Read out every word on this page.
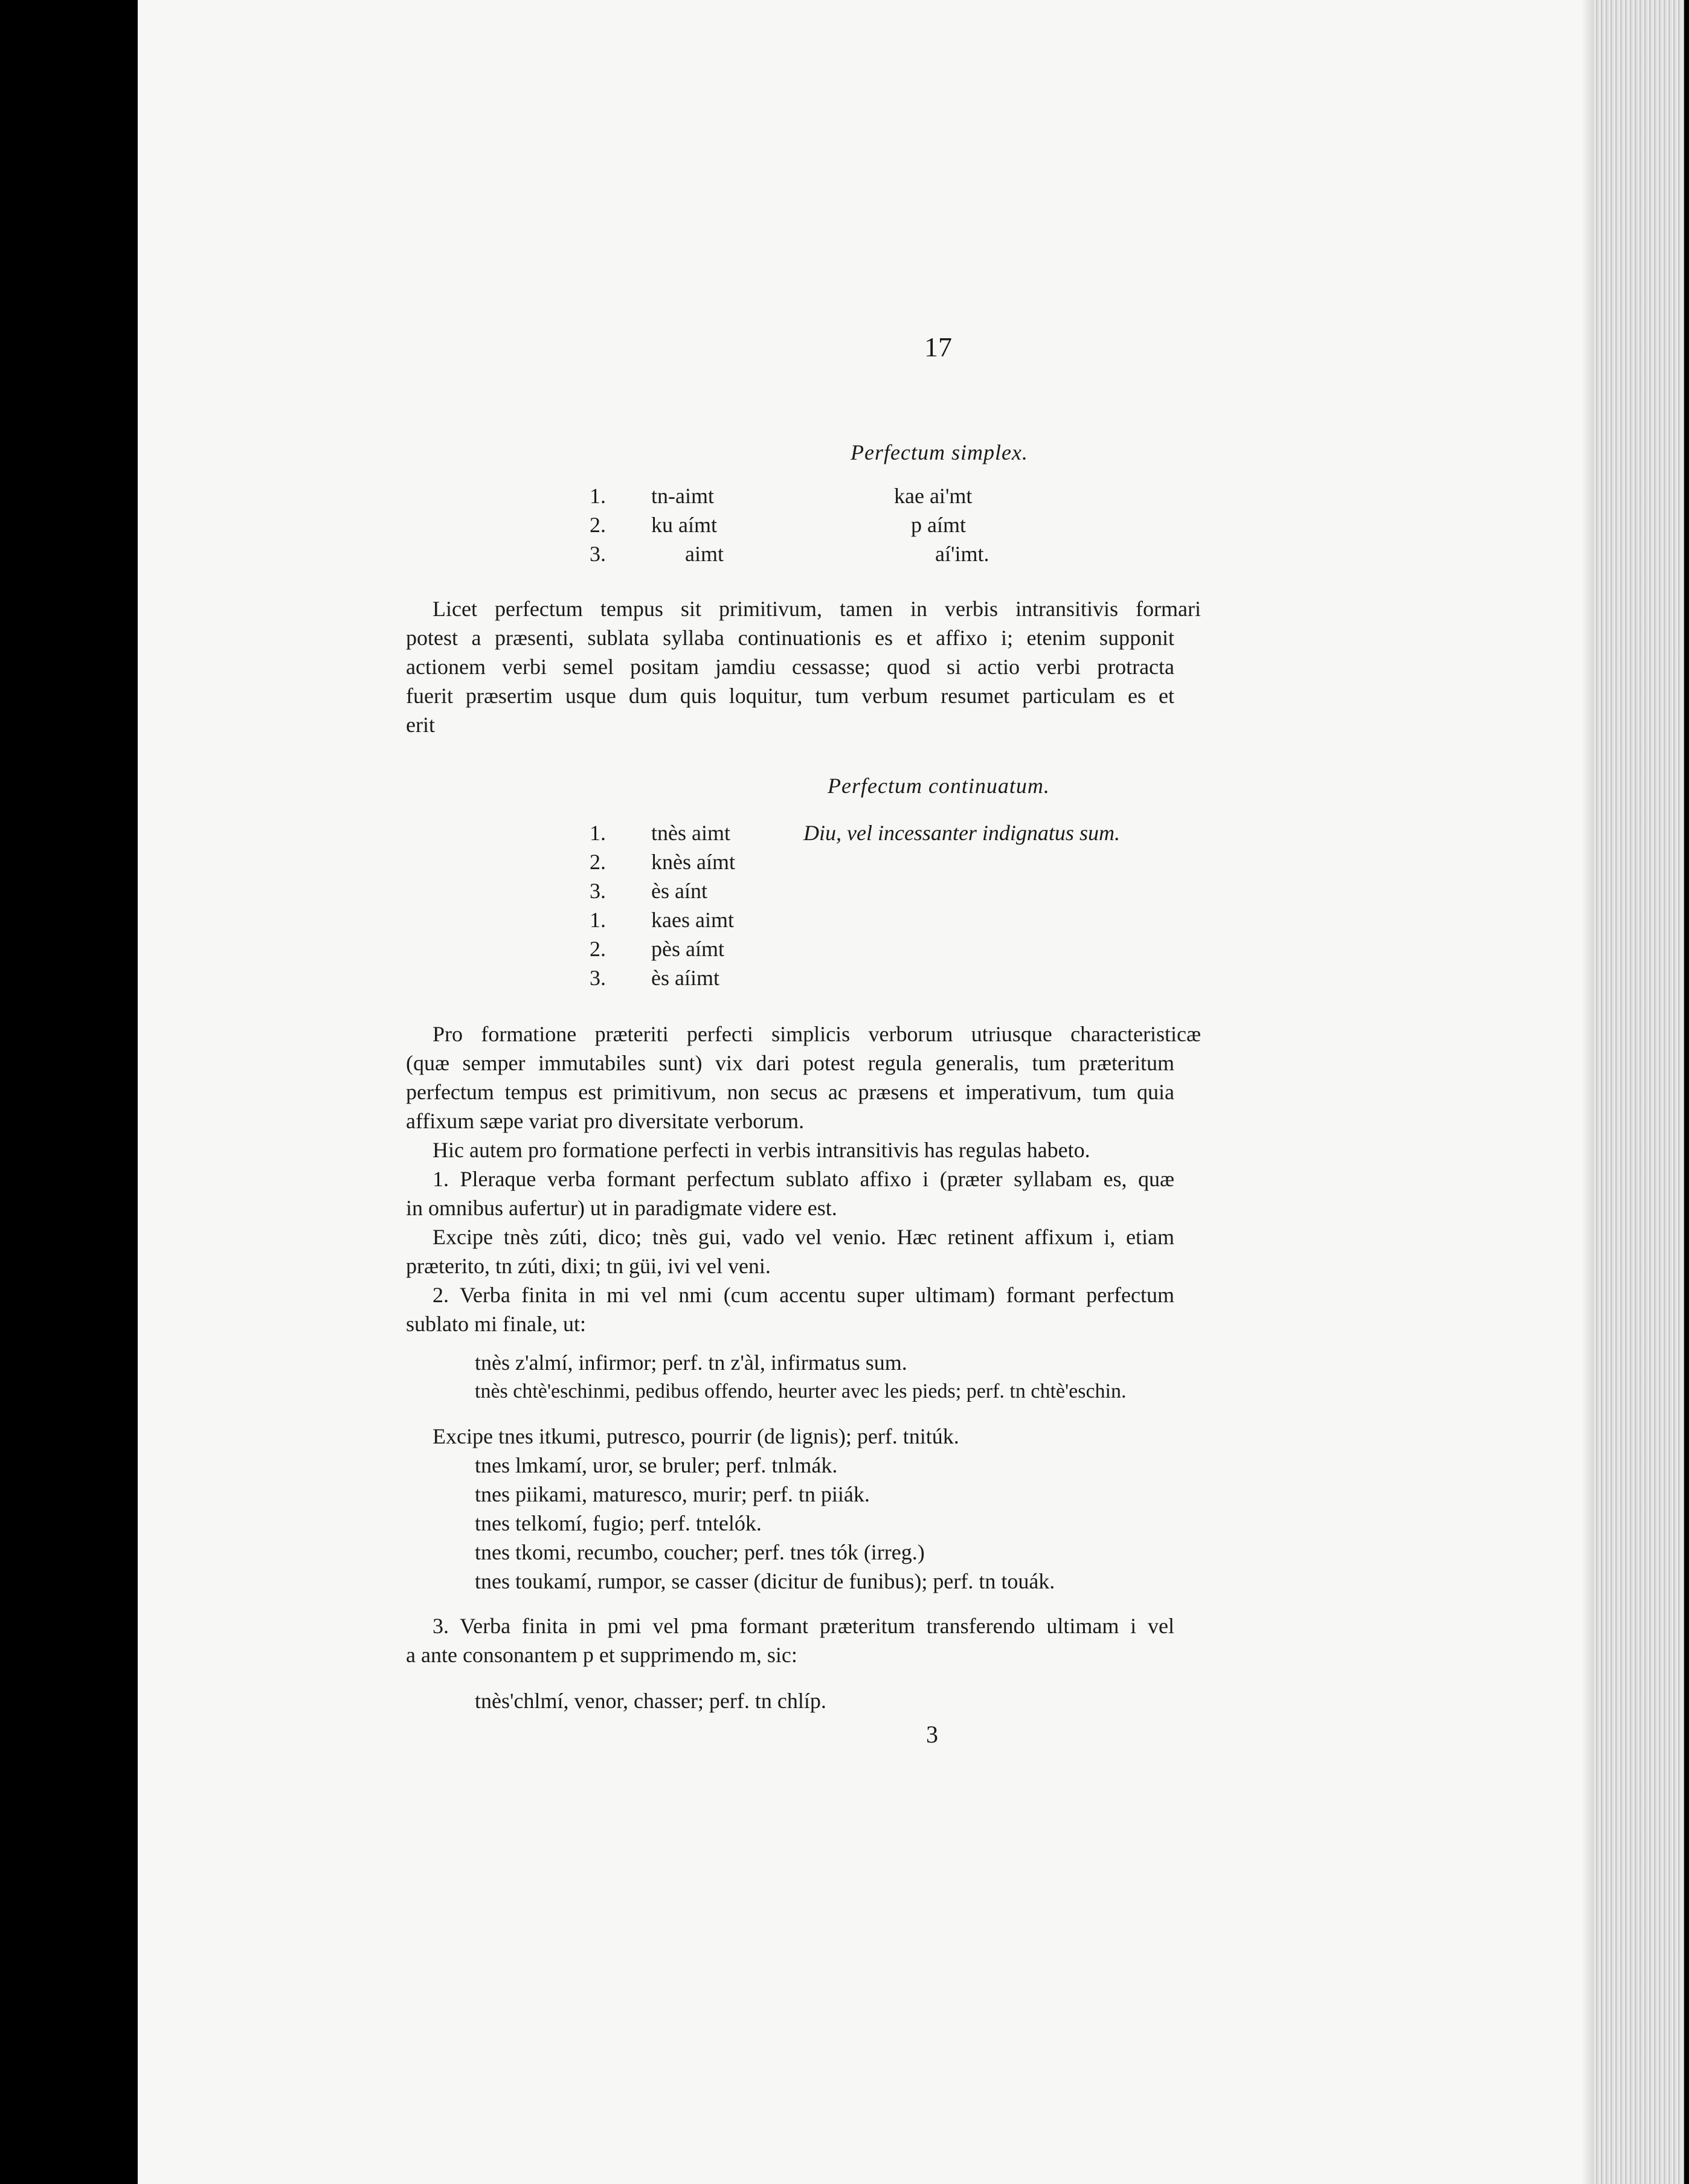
17
Perfectum simplex.
1. tn-aimt	kae ai'mt
2. ku aímt	p aímt
3.	aimt	aí'imt.
Licet perfectum tempus sit primitivum, tamen in verbis intransitivis formari
potest a præsenti, sublata syllaba continuationis es et affixo i; etenim supponit
actionem verbi semel positam jamdiu cessasse; quod si actio verbi protracta
fuerit præsertim usque dum quis loquitur, tum verbum resumet particulam es et
erit
Perfectum continuatum.
1. tnès aimt	Diu, vel incessanter indignatus sum.
2. knès aímt
3. ès aínt
1. kaes aimt
2. pès aímt
3. ès aíimt
Pro formatione præteriti perfecti simplicis verborum utriusque characteristicæ
(quæ semper immutabiles sunt) vix dari potest regula generalis, tum præteritum
perfectum tempus est primitivum, non secus ac præsens et imperativum, tum quia
affixum sæpe variat pro diversitate verborum.
Hic autem pro formatione perfecti in verbis intransitivis has regulas habeto.
1. Pleraque verba formant perfectum sublato affixo i (præter syllabam es, quæ
in omnibus aufertur) ut in paradigmate videre est.
Excipe tnès zúti, dico; tnès gui, vado vel venio. Hæc retinent affixum i, etiam
præterito, tn zúti, dixi; tn güi, ivi vel veni.
2. Verba finita in mi vel nmi (cum accentu super ultimam) formant perfectum
sublato mi finale, ut:
tnès z'almí, infirmor; perf. tn z'àl, infirmatus sum.
tnès chtè'eschinmi, pedibus offendo, heurter avec les pieds; perf. tn chtè'eschin.
Excipe tnes itkumi, putresco, pourrir (de lignis); perf. tnitúk.
tnes lmkamí, uror, se bruler; perf. tnlmák.
tnes piikami, maturesco, murir; perf. tn piiák.
tnes telkomí, fugio; perf. tntelók.
tnes tkomi, recumbo, coucher; perf. tnes tók (irreg.)
tnes toukamí, rumpor, se casser (dicitur de funibus); perf. tn touák.
3. Verba finita in pmi vel pma formant præteritum transferendo ultimam i vel
a ante consonantem p et supprimendo m, sic:
tnès'chlmí, venor, chasser; perf. tn chlíp.
3
